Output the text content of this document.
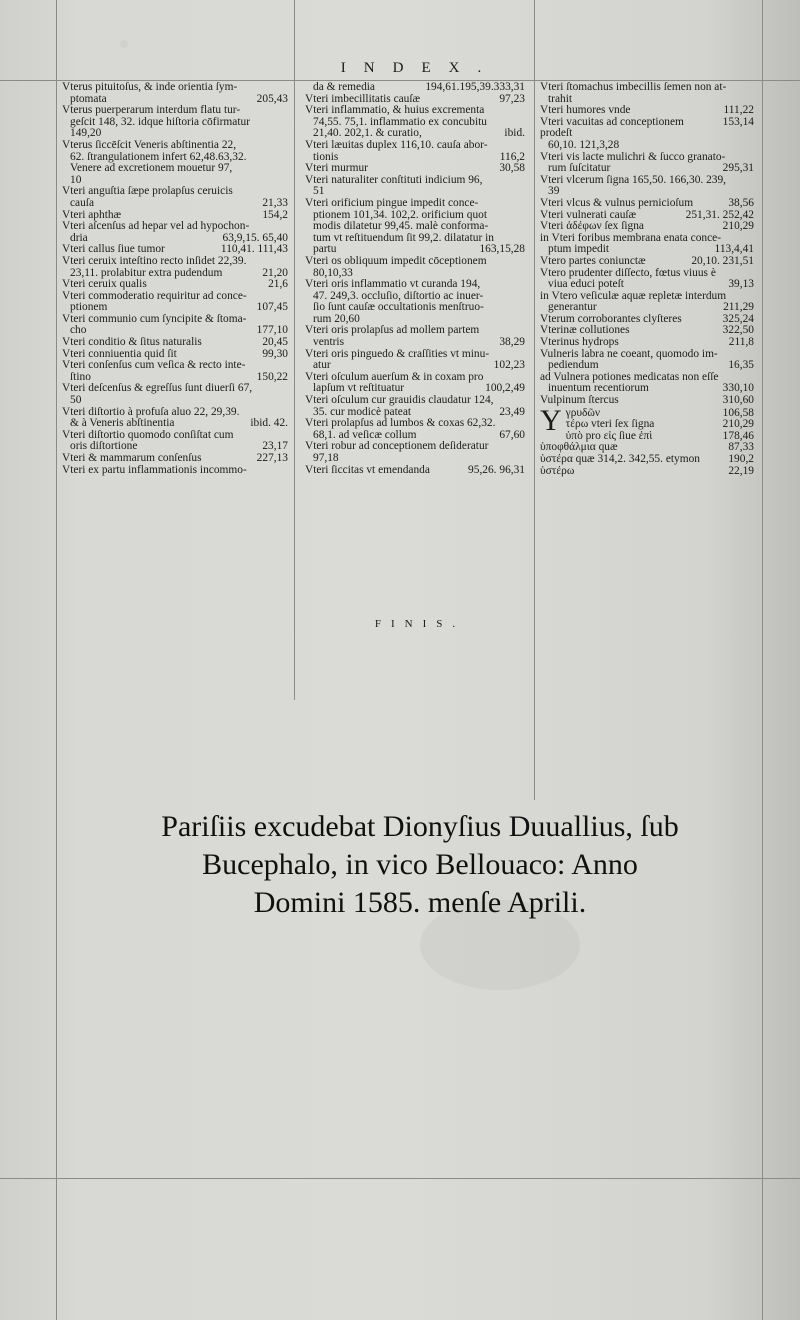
INDEX.
Vterus pituitoſus, & inde orientia ſym-
ptomata	205,43
Vterus puerperarum interdum flatu tur-
geſcit 148, 32. idque hiſtoria cōfirmatur
149,20
Vterus ſiccēſcit Veneris abſtinentia 22,
62. ſtrangulationem infert 62,48.63,32.
Venere ad excretionem mouetur 97,
10
Vteri anguſtia ſæpe prolapſus ceruicis
cauſa	21,33
Vteri aphthæ	154,2
Vteri aſcenſus ad hepar vel ad hypochon-
dria	63,9,15. 65,40
Vteri callus ſiue tumor	110,41. 111,43
Vteri ceruix inteſtino recto inſidet 22,39.
23,11. prolabitur extra pudendum	21,20
Vteri ceruix qualis	21,6
Vteri commoderatio requiritur ad conce-
ptionem	107,45
Vteri communio cum ſyncipite & ſtoma-
cho	177,10
Vteri conditio & ſitus naturalis	20,45
Vteri conniuentia quid ſit	99,30
Vteri conſenſus cum veſica & recto inte-
ſtino	150,22
Vteri deſcenſus & egreſſus ſunt diuerſi 67,
50
Vteri diſtortio à profuſa aluo 22, 29,39.
& à Veneris abſtinentia	ibid. 42.
Vteri diſtortio quomodo conſiſtat cum
oris diſtortione	23,17
Vteri & mammarum conſenſus	227,13
Vteri ex partu inflammationis incommo-
da & remedia	194,61.195,39.333,31
Vteri imbecillitatis cauſæ	97,23
Vteri inflammatio, & huius excrementa
74,55. 75,1. inflammatio ex concubitu
21,40. 202,1. & curatio,	ibid.
Vteri læuitas duplex 116,10. cauſa abor-
tionis	116,2
Vteri murmur	30,58
Vteri naturaliter conſtituti indicium 96,
51
Vteri orificium pingue impedit conce-
ptionem 101,34. 102,2. orificium quot
modis dilatetur 99,45. malè conforma-
tum vt reſtituendum ſit 99,2. dilatatur in
partu	163,15,28
Vteri os obliquum impedit cōceptionem
80,10,33
Vteri oris inflammatio vt curanda 194,
47. 249,3. occluſio, diſtortio ac inuer-
ſio ſunt cauſæ occultationis menſtruo-
rum 20,60
Vteri oris prolapſus ad mollem partem
ventris	38,29
Vteri oris pinguedo & craſſities vt minu-
atur	102,23
Vteri oſculum auerſum & in coxam pro
lapſum vt reſtituatur	100,2,49
Vteri oſculum cur grauidis claudatur 124,
35. cur modicè pateat	23,49
Vteri prolapſus ad lumbos & coxas 62,32.
68,1. ad veſicæ collum	67,60
Vteri robur ad conceptionem deſideratur
97,18
Vteri ſiccitas vt emendanda	95,26. 96,31
Vteri ſtomachus imbecillis ſemen non at-
trahit
Vteri humores vnde	111,22
Vteri vacuitas ad conceptionem prodeſt
153,14
60,10. 121,3,28
Vteri vis lacte mulichri & ſucco granato-
rum ſuſcitatur	295,31
Vteri vlcerum ſigna 165,50. 166,30. 239,
39
Vteri vlcus & vulnus pernicioſum	38,56
Vteri vulnerati cauſæ	251,31. 252,42
Vteri ἀδέφων ſex ſigna	210,29
in Vteri foribus membrana enata conce-
ptum impedit	113,4,41
Vtero partes coniunctæ	20,10. 231,51
Vtero prudenter diſſecto, fœtus viuus è
viua educi poteſt	39,13
in Vtero veſiculæ aquæ repletæ interdum
generantur	211,29
Vterum corroborantes clyſteres	325,24
Vterinæ collutiones	322,50
Vterinus hydrops	211,8
Vulneris labra ne coeant, quomodo im-
pediendum	16,35
ad Vulnera potiones medicatas non eſſe
inuentum recentiorum	330,10
Vulpinum ſtercus	310,60
Υ γρυδῶν	106,58
τέρω vteri ſex ſigna	210,29
ὑπὸ pro εἰς ſiue ἐπὶ	178,46
ὑποφθάλμια quæ	87,33
ὑστέρα quæ 314,2. 342,55. etymon	190,2
ὑστέρω	22,19
FINIS.
Pariſiis excudebat Dionyſius Duuallius, ſub
Bucephalo, in vico Bellouaco: Anno
Domini 1585. menſe Aprili.
